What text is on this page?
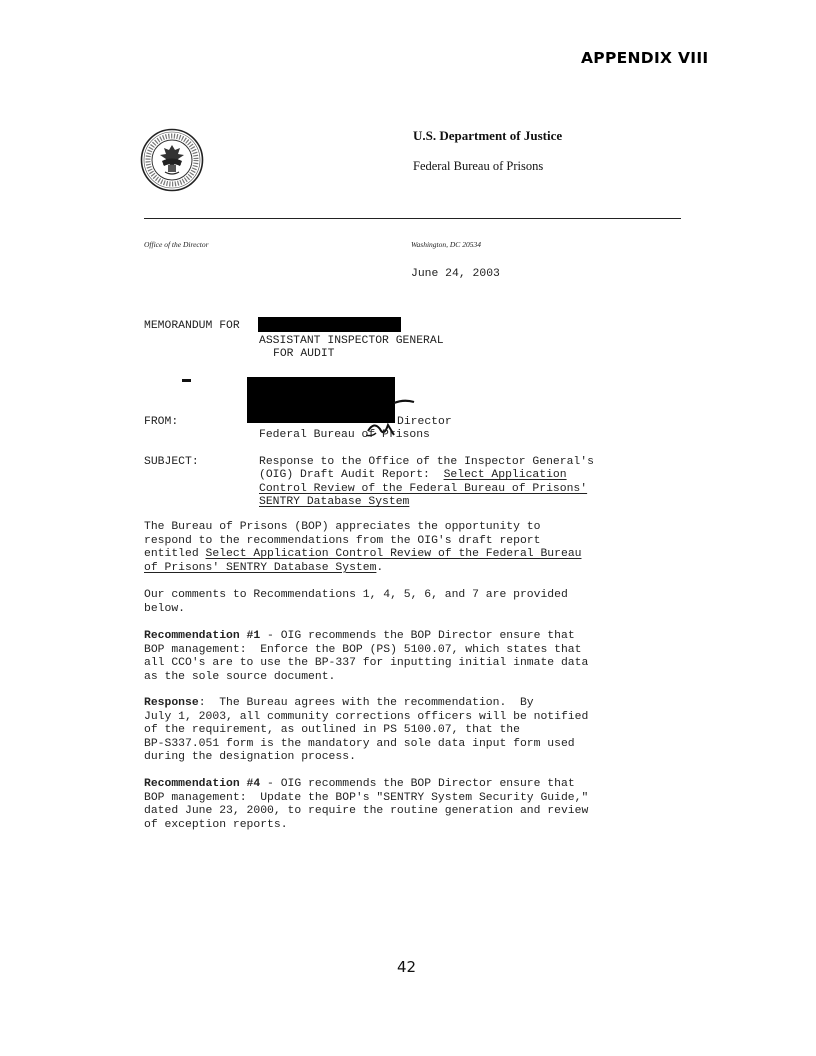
APPENDIX VIII
U.S. Department of Justice
Federal Bureau of Prisons
Office of the Director	Washington, DC 20534
June 24, 2003
MEMORANDUM FOR
ASSISTANT INSPECTOR GENERAL
FOR AUDIT
FROM:	Director
Federal Bureau of Prisons
SUBJECT:	Response to the Office of the Inspector General's
(OIG) Draft Audit Report:  Select Application
Control Review of the Federal Bureau of Prisons'
SENTRY Database System

The Bureau of Prisons (BOP) appreciates the opportunity to

respond to the recommendations from the OIG's draft report

entitled Select Application Control Review of the Federal Bureau

of Prisons' SENTRY Database System.

Our comments to Recommendations 1, 4, 5, 6, and 7 are provided

below.

Recommendation #1 - OIG recommends the BOP Director ensure that

BOP management:  Enforce the BOP (PS) 5100.07, which states that

all CCO's are to use the BP-337 for inputting initial inmate data

as the sole source document.

Response:  The Bureau agrees with the recommendation.  By

July 1, 2003, all community corrections officers will be notified

of the requirement, as outlined in PS 5100.07, that the

BP-S337.051 form is the mandatory and sole data input form used

during the designation process.

Recommendation #4 - OIG recommends the BOP Director ensure that

BOP management:  Update the BOP's "SENTRY System Security Guide,"

dated June 23, 2000, to require the routine generation and review

of exception reports.

42
